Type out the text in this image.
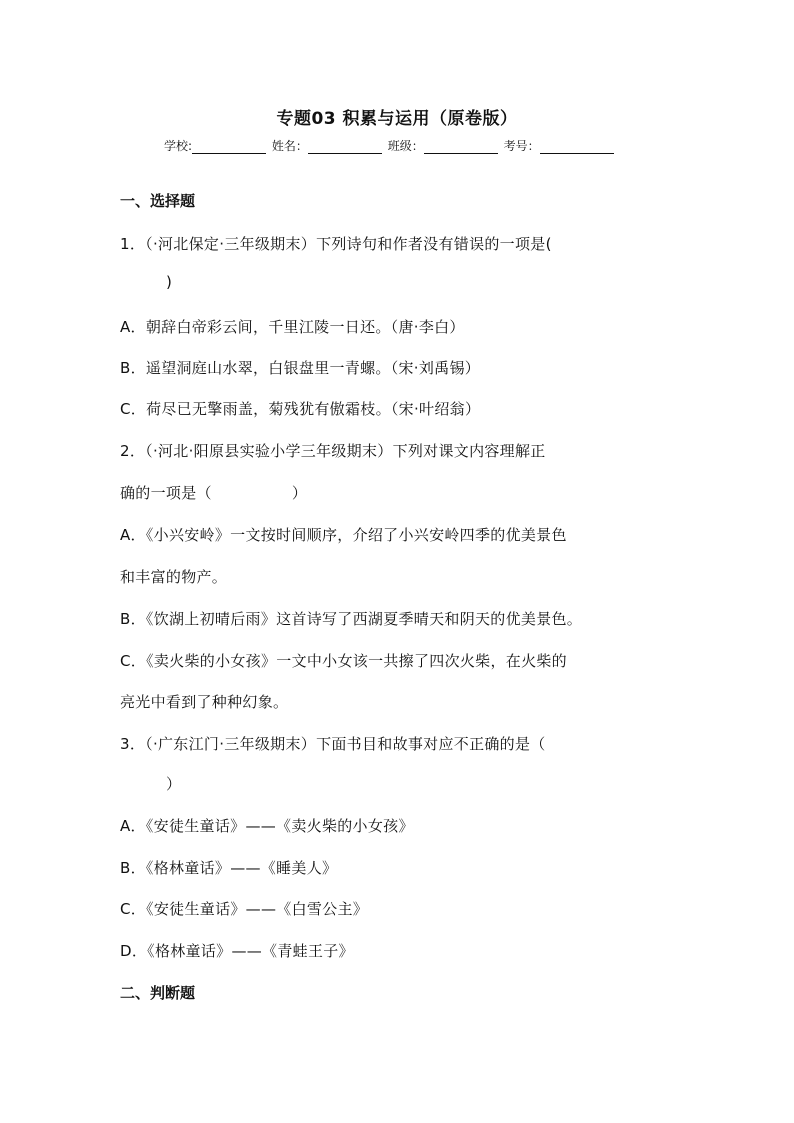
专题03 积累与运用（原卷版）
学校:	姓名：	班级：	考号：
一、选择题
1．（·河北保定·三年级期末）下列诗句和作者没有错误的一项是(
)
A．朝辞白帝彩云间，千里江陵一日还。（唐·李白）
B．遥望洞庭山水翠，白银盘里一青螺。（宋·刘禹锡）
C．荷尽已无擎雨盖，菊残犹有傲霜枝。（宋·叶绍翁）
2．（·河北·阳原县实验小学三年级期末）下列对课文内容理解正
确的一项是（	）
A．《小兴安岭》一文按时间顺序，介绍了小兴安岭四季的优美景色
和丰富的物产。
B．《饮湖上初晴后雨》这首诗写了西湖夏季晴天和阴天的优美景色。
C．《卖火柴的小女孩》一文中小女该一共擦了四次火柴，在火柴的
亮光中看到了种种幻象。
3．（·广东江门·三年级期末）下面书目和故事对应不正确的是（
）
A．《安徒生童话》——《卖火柴的小女孩》
B．《格林童话》——《睡美人》
C．《安徒生童话》——《白雪公主》
D．《格林童话》——《青蛙王子》
二、判断题
